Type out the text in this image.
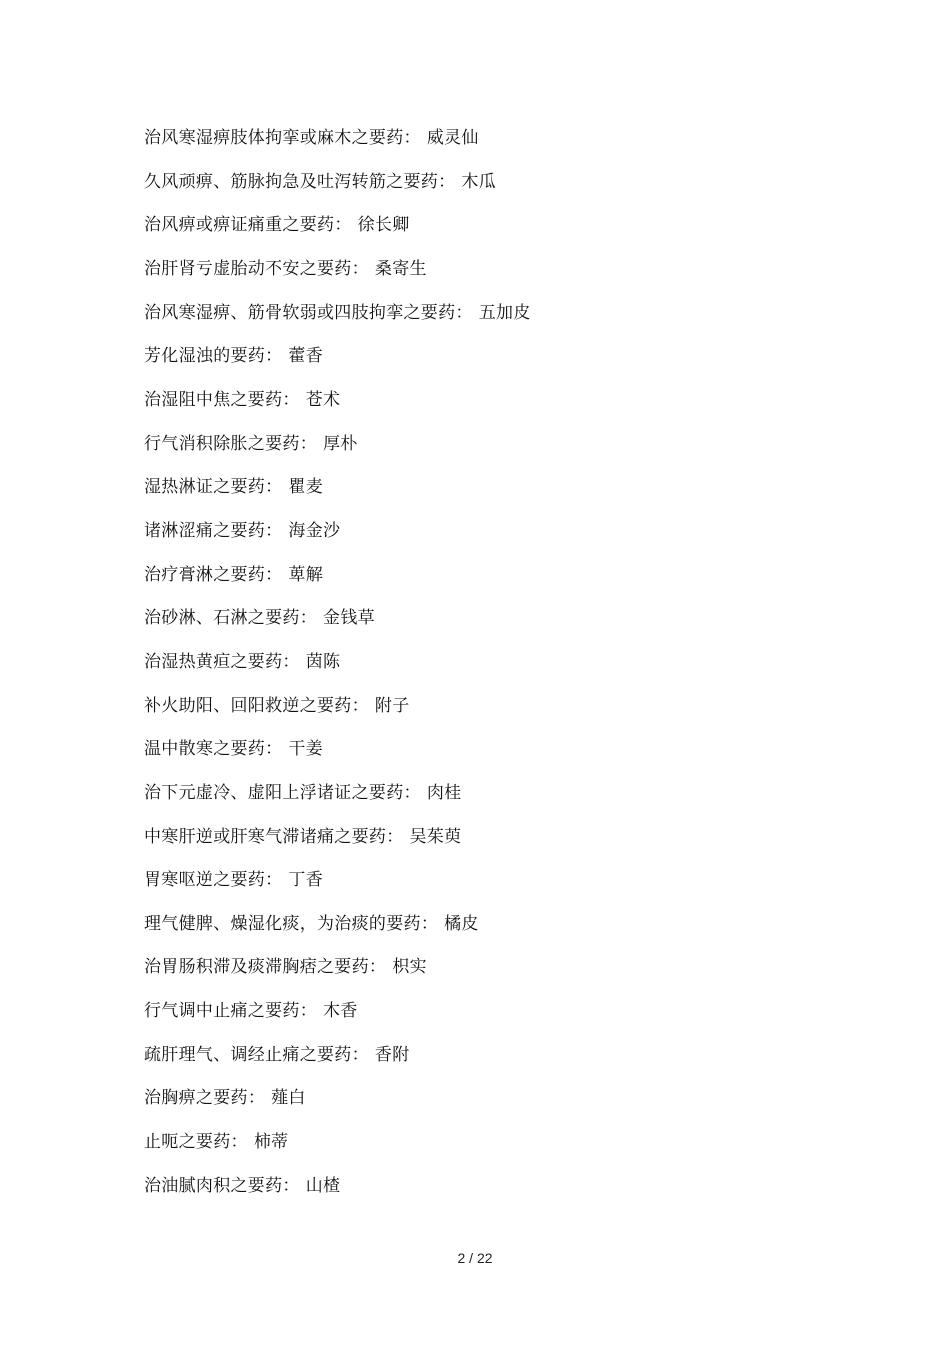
治风寒湿痹肢体拘挛或麻木之要药： 威灵仙
久风顽痹、筋脉拘急及吐泻转筋之要药： 木瓜
治风痹或痹证痛重之要药： 徐长卿
治肝肾亏虚胎动不安之要药： 桑寄生
治风寒湿痹、筋骨软弱或四肢拘挛之要药： 五加皮
芳化湿浊的要药： 藿香
治湿阻中焦之要药： 苍术
行气消积除胀之要药： 厚朴
湿热淋证之要药： 瞿麦
诸淋涩痛之要药： 海金沙
治疗膏淋之要药： 萆解
治砂淋、石淋之要药： 金钱草
治湿热黄疸之要药： 茵陈
补火助阳、回阳救逆之要药： 附子
温中散寒之要药： 干姜
治下元虚冷、虚阳上浮诸证之要药： 肉桂
中寒肝逆或肝寒气滞诸痛之要药： 吴茱萸
胃寒呕逆之要药： 丁香
理气健脾、燥湿化痰，为治痰的要药： 橘皮
治胃肠积滞及痰滞胸痞之要药： 枳实
行气调中止痛之要药： 木香
疏肝理气、调经止痛之要药： 香附
治胸痹之要药： 薤白
止呃之要药： 柿蒂
治油腻肉积之要药： 山楂
2 / 22
